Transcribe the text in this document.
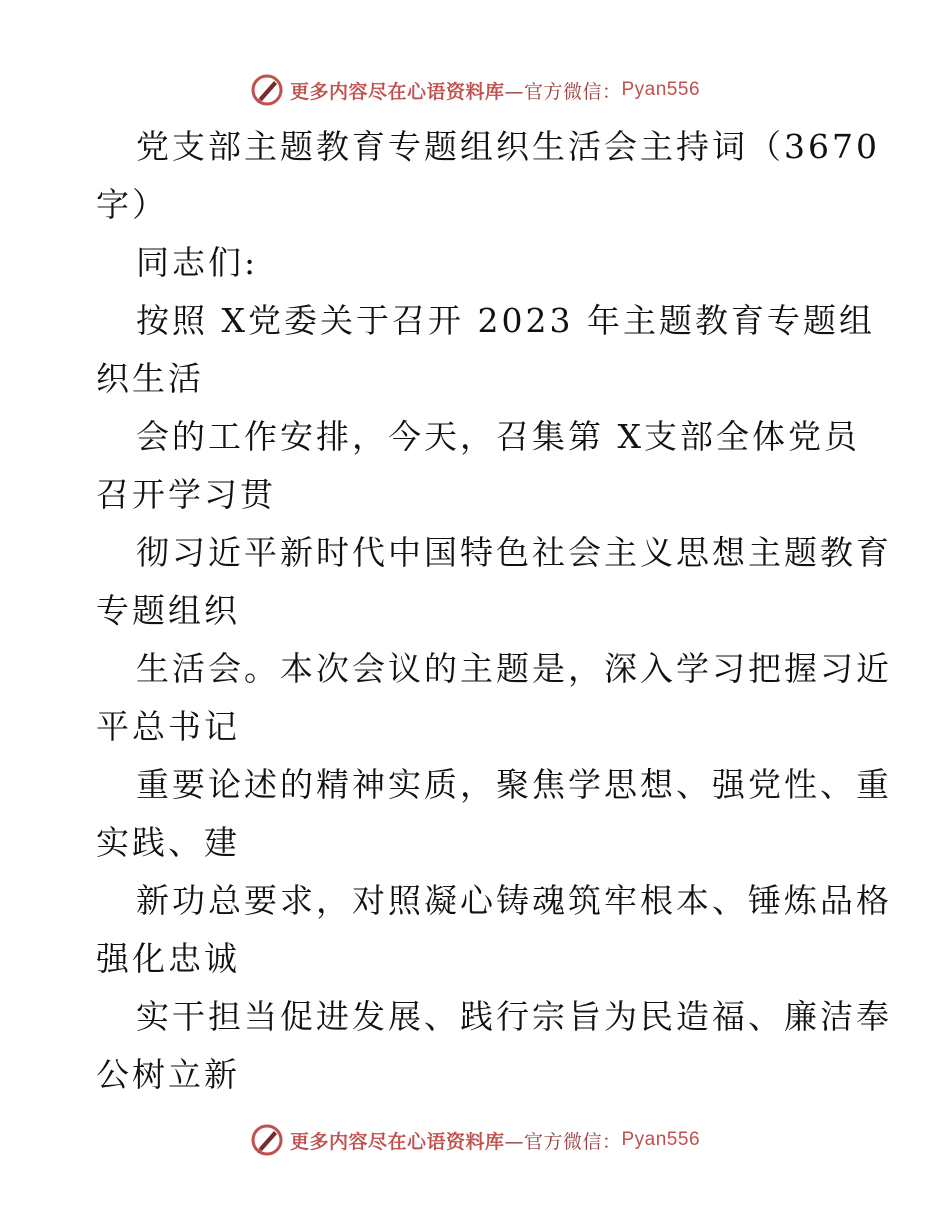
更多内容尽在心语资料库 —官方微信： Pyan556
党支部主题教育专题组织生活会主持词（3670
字）
同志们:
按照 X党委关于召开 2023 年主题教育专题组
织生活
会的工作安排，今天，召集第 X支部全体党员
召开学习贯
彻习近平新时代中国特色社会主义思想主题教育
专题组织
生活会。本次会议的主题是，深入学习把握习近
平总书记
重要论述的精神实质，聚焦学思想、强党性、重
实践、建
新功总要求，对照凝心铸魂筑牢根本、锤炼品格
强化忠诚
实干担当促进发展、践行宗旨为民造福、廉洁奉
公树立新
更多内容尽在心语资料库 —官方微信： Pyan556
